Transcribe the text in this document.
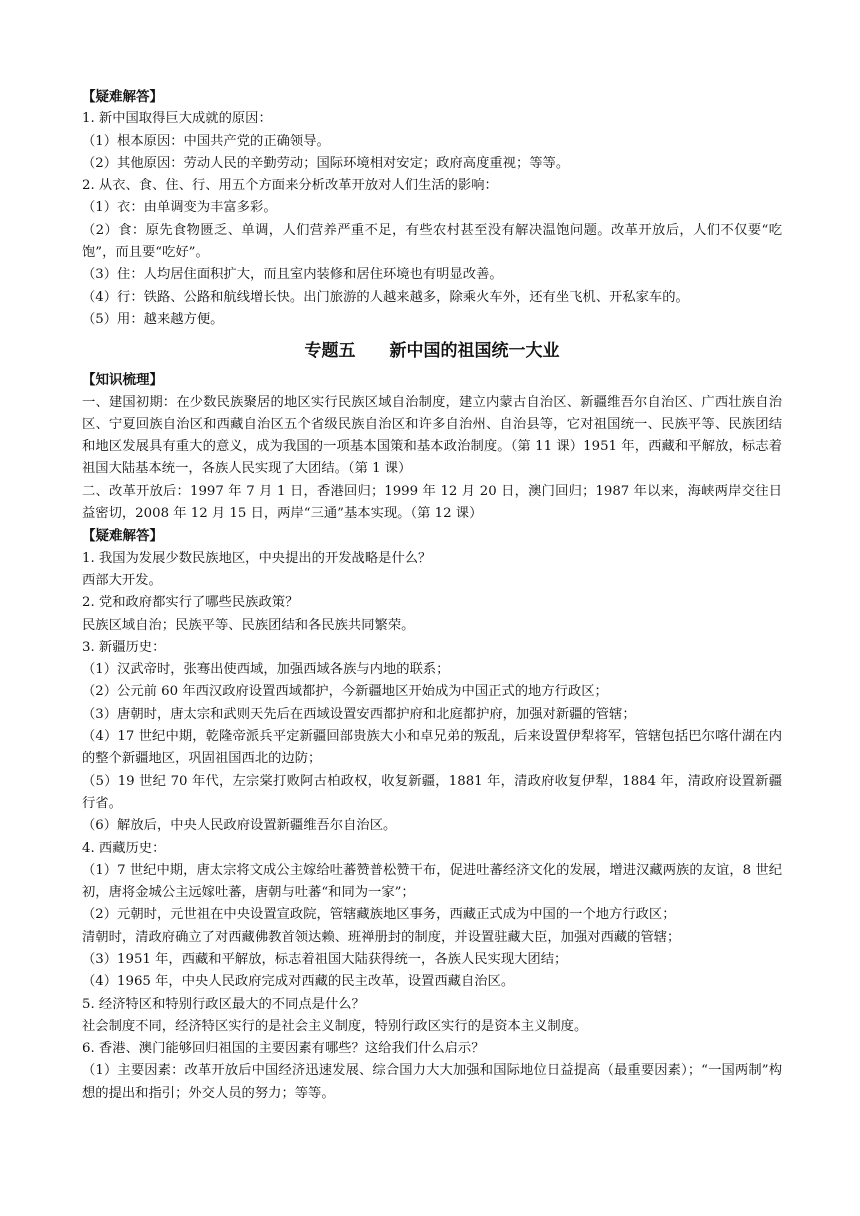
【疑难解答】
1. 新中国取得巨大成就的原因：
（1）根本原因：中国共产党的正确领导。
（2）其他原因：劳动人民的辛勤劳动；国际环境相对安定；政府高度重视；等等。
2. 从衣、食、住、行、用五个方面来分析改革开放对人们生活的影响：
（1）衣：由单调变为丰富多彩。
（2）食：原先食物匮乏、单调，人们营养严重不足，有些农村甚至没有解决温饱问题。改革开放后，人们不仅要“吃饱”，而且要“吃好”。
（3）住：人均居住面积扩大，而且室内装修和居住环境也有明显改善。
（4）行：铁路、公路和航线增长快。出门旅游的人越来越多，除乘火车外，还有坐飞机、开私家车的。
（5）用：越来越方便。
专题五　　新中国的祖国统一大业
【知识梳理】
一、建国初期：在少数民族聚居的地区实行民族区域自治制度，建立内蒙古自治区、新疆维吾尔自治区、广西壮族自治区、宁夏回族自治区和西藏自治区五个省级民族自治区和许多自治州、自治县等，它对祖国统一、民族平等、民族团结和地区发展具有重大的意义，成为我国的一项基本国策和基本政治制度。（第 11 课）1951 年，西藏和平解放，标志着祖国大陆基本统一，各族人民实现了大团结。（第 1 课）
二、改革开放后：1997 年 7 月 1 日，香港回归；1999 年 12 月 20 日，澳门回归；1987 年以来，海峡两岸交往日益密切，2008 年 12 月 15 日，两岸“三通”基本实现。（第 12 课）
【疑难解答】
1. 我国为发展少数民族地区，中央提出的开发战略是什么？
西部大开发。
2. 党和政府都实行了哪些民族政策？
民族区域自治；民族平等、民族团结和各民族共同繁荣。
3. 新疆历史：
（1）汉武帝时，张骞出使西域，加强西域各族与内地的联系；
（2）公元前 60 年西汉政府设置西域都护，今新疆地区开始成为中国正式的地方行政区；
（3）唐朝时，唐太宗和武则天先后在西域设置安西都护府和北庭都护府，加强对新疆的管辖；
（4）17 世纪中期，乾隆帝派兵平定新疆回部贵族大小和卓兄弟的叛乱，后来设置伊犁将军，管辖包括巴尔喀什湖在内的整个新疆地区，巩固祖国西北的边防；
（5）19 世纪 70 年代，左宗棠打败阿古柏政权，收复新疆，1881 年，清政府收复伊犁，1884 年，清政府设置新疆行省。
（6）解放后，中央人民政府设置新疆维吾尔自治区。
4. 西藏历史：
（1）7 世纪中期，唐太宗将文成公主嫁给吐蕃赞普松赞干布，促进吐蕃经济文化的发展，增进汉藏两族的友谊，8 世纪初，唐将金城公主远嫁吐蕃，唐朝与吐蕃“和同为一家”；
（2）元朝时，元世祖在中央设置宣政院，管辖藏族地区事务，西藏正式成为中国的一个地方行政区；
清朝时，清政府确立了对西藏佛教首领达赖、班禅册封的制度，并设置驻藏大臣，加强对西藏的管辖；
（3）1951 年，西藏和平解放，标志着祖国大陆获得统一，各族人民实现大团结；
（4）1965 年，中央人民政府完成对西藏的民主改革，设置西藏自治区。
5. 经济特区和特别行政区最大的不同点是什么？
社会制度不同，经济特区实行的是社会主义制度，特别行政区实行的是资本主义制度。
6. 香港、澳门能够回归祖国的主要因素有哪些？这给我们什么启示？
（1）主要因素：改革开放后中国经济迅速发展、综合国力大大加强和国际地位日益提高（最重要因素）；“一国两制”构想的提出和指引；外交人员的努力；等等。
